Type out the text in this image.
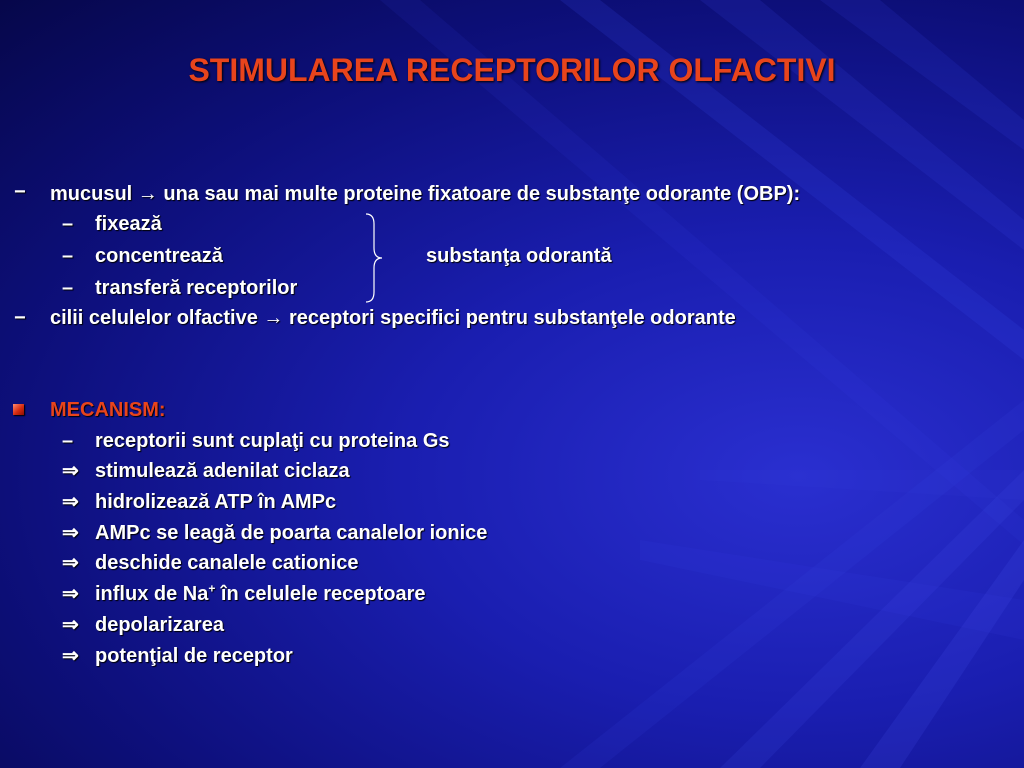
STIMULAREA RECEPTORILOR OLFACTIVI
− mucusul → una sau mai multe proteine fixatoare de substanţe odorante (OBP):
– fixează
– concentrează
– transferă receptorilor
substanţa odorantă
− cilii celulelor olfactive → receptori specifici pentru substanţele odorante
MECANISM:
– receptorii sunt cuplaţi cu proteina Gs
⇒ stimulează adenilat ciclaza
⇒ hidrolizează ATP în AMPc
⇒ AMPc se leagă de poarta canalelor ionice
⇒ deschide canalele cationice
⇒ influx de Na+ în celulele receptoare
⇒ depolarizarea
⇒ potenţial de receptor
